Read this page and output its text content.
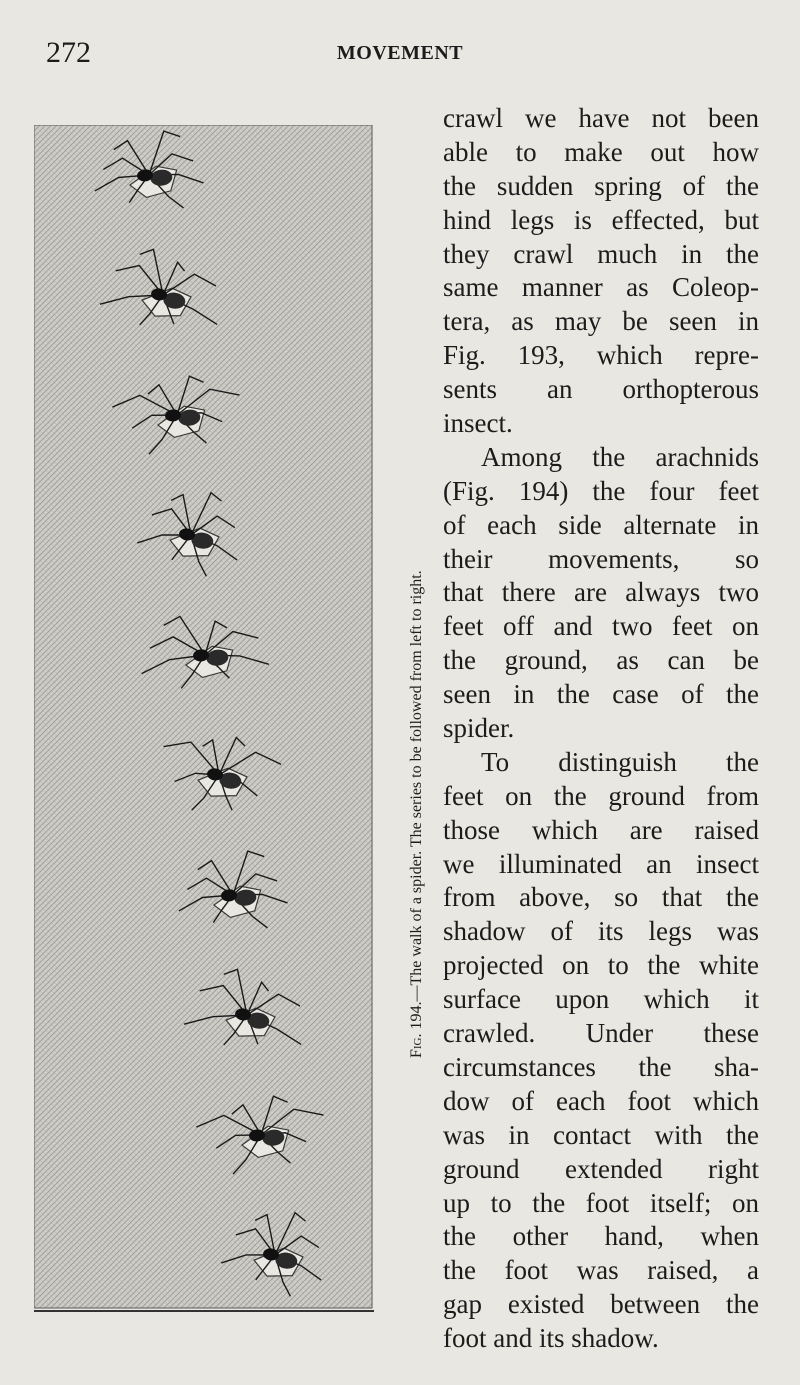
272	MOVEMENT
Fig. 194.—The walk of a spider. The series to be followed from left to right.
crawl we have not been
able to make out how
the sudden spring of the
hind legs is effected, but
they crawl much in the
same manner as Coleop-
tera, as may be seen in
Fig. 193, which repre-
sents an orthopterous
insect.
Among the arachnids
(Fig. 194) the four feet
of each side alternate in
their movements, so
that there are always two
feet off and two feet on
the ground, as can be
seen in the case of the
spider.
To distinguish the
feet on the ground from
those which are raised
we illuminated an insect
from above, so that the
shadow of its legs was
projected on to the white
surface upon which it
crawled. Under these
circumstances the sha-
dow of each foot which
was in contact with the
ground extended right
up to the foot itself; on
the other hand, when
the foot was raised, a
gap existed between the
foot and its shadow.
